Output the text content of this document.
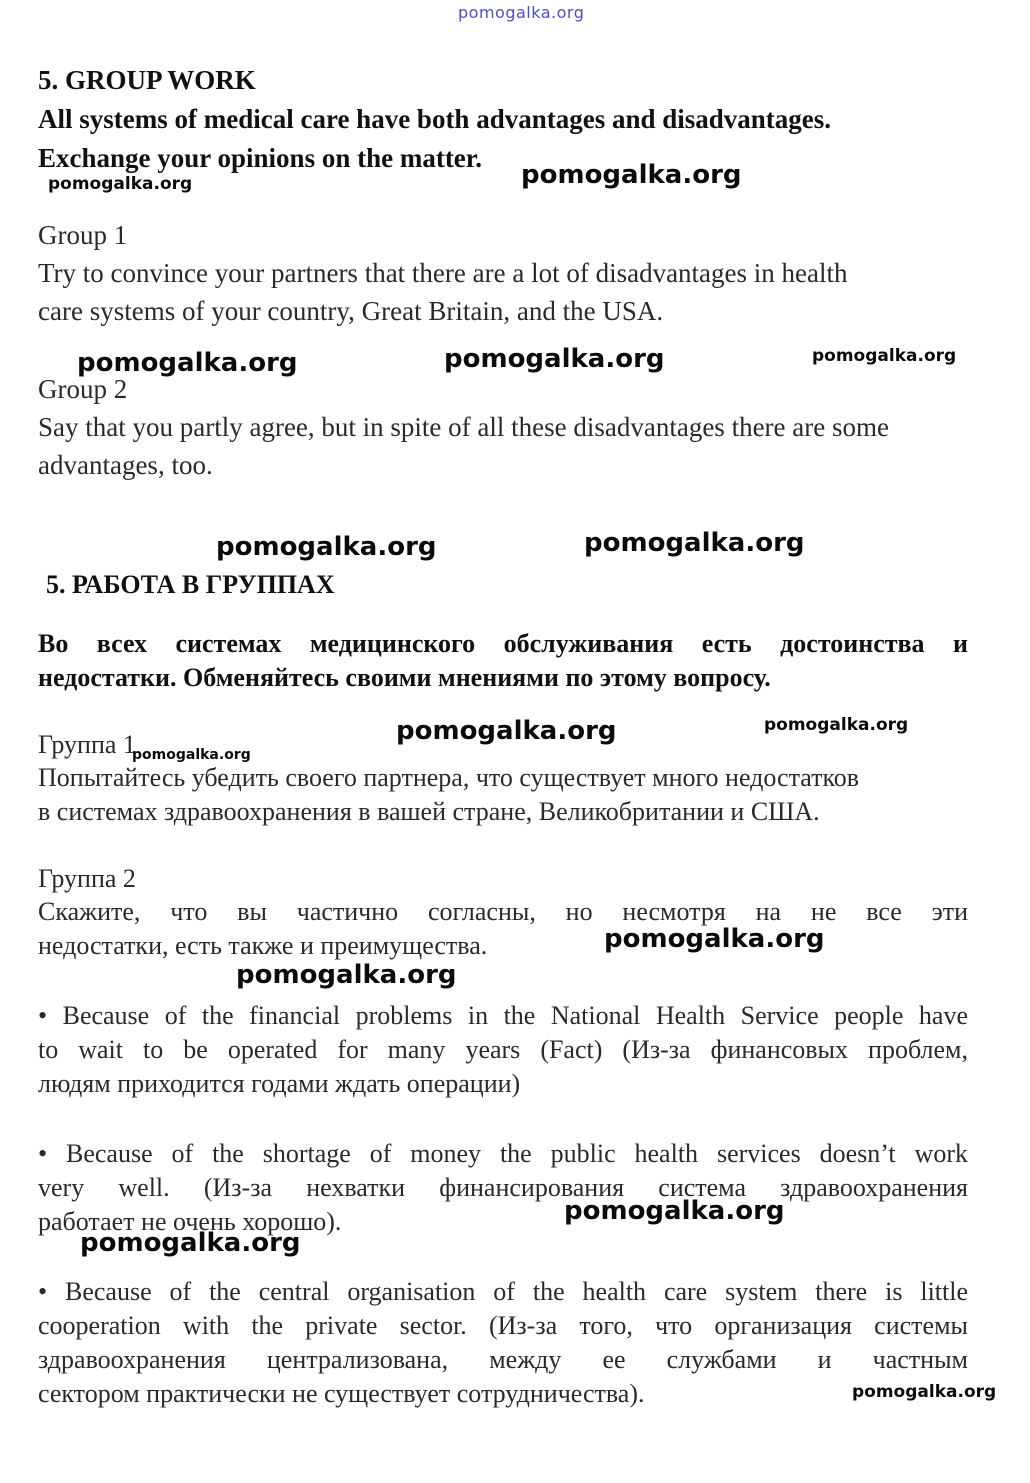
pomogalka.org
5. GROUP WORK
All systems of medical care have both advantages and disadvantages.
Exchange your opinions on the matter.
Group 1
Try to convince your partners that there are a lot of disadvantages in health
care systems of your country, Great Britain, and the USA.
Group 2
Say that you partly agree, but in spite of all these disadvantages there are some
advantages, too.
5. РАБОТА В ГРУППАХ
Во всех системах медицинского обслуживания есть достоинства и
недостатки. Обменяйтесь своими мнениями по этому вопросу.
Группа 1
Попытайтесь убедить своего партнера, что существует много недостатков
в системах здравоохранения в вашей стране, Великобритании и США.
Группа 2
Скажите, что вы частично согласны, но несмотря на не все эти
недостатки, есть также и преимущества.
• Because of the financial problems in the National Health Service people have
to wait to be operated for many years (Fact) (Из-за финансовых проблем,
людям приходится годами ждать операции)
• Because of the shortage of money the public health services doesn’t work
very well. (Из-за нехватки финансирования система здравоохранения
работает не очень хорошо).
• Because of the central organisation of the health care system there is little
cooperation with the private sector. (Из-за того, что организация системы
здравоохранения централизована, между ее службами и частным
сектором практически не существует сотрудничества).
pomogalka.org	pomogalka.org
pomogalka.org	pomogalka.org	pomogalka.org
pomogalka.org	pomogalka.org
pomogalka.org	pomogalka.org
pomogalka.org
pomogalka.org
pomogalka.org
pomogalka.org
pomogalka.org
pomogalka.org
